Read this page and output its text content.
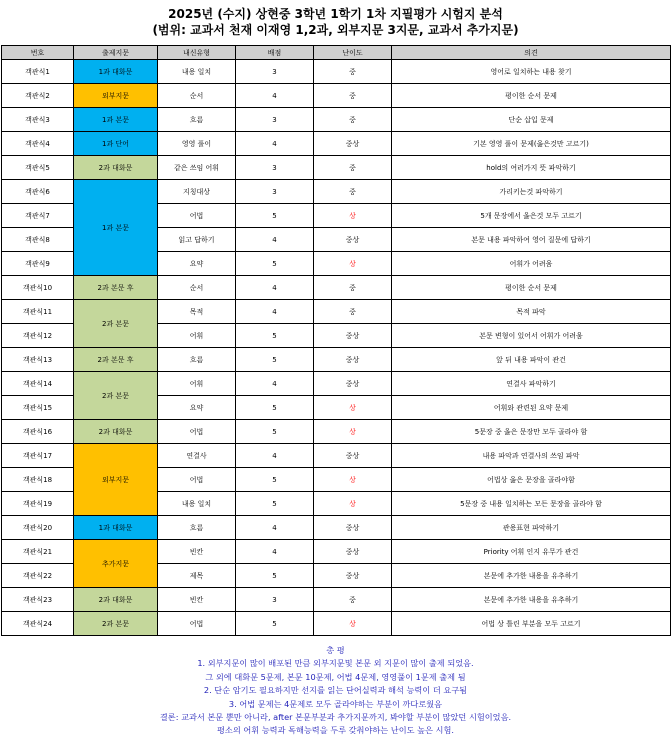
2025년 (수지) 상현중 3학년 1학기 1차 지필평가 시험지 분석
(범위: 교과서 천재 이재영 1,2과, 외부지문 3지문, 교과서 추가지문)
번호	출제지문	내신유형	배점	난이도	의견
객관식1	1과 대화문	내용 일치	3	중	영어로 일치하는 내용 찾기
객관식2	외부지문	순서	4	중	평이한 순서 문제
객관식3	1과 본문	흐름	3	중	단순 삽입 문제
객관식4	1과 단어	영영 풀이	4	중상	기본 영영 풀이 문제(옳은것만 고르기)
객관식5	2과 대화문	같은 쓰임 어휘	3	중	hold의 여러가지 뜻 파악하기
객관식6	1과 본문	지칭대상	3	중	가리키는것 파악하기
객관식7		어법	5	상	5개 문장에서 옳은것 모두 고르기
객관식8		읽고 답하기	4	중상	본문 내용 파악하여 영어 질문에 답하기
객관식9		요약	5	상	어휘가 어려움
객관식10	2과 본문 후	순서	4	중	평이한 순서 문제
객관식11	2과 본문	목적	4	중	목적 파악
객관식12		어휘	5	중상	본문 변형이 있어서 어휘가 어려움
객관식13	2과 본문 후	흐름	5	중상	앞 뒤 내용 파악이 관건
객관식14	2과 본문	어휘	4	중상	연결사 파악하기
객관식15		요약	5	상	어휘와 관련된 요약 문제
객관식16	2과 대화문	어법	5	상	5문장 중 옳은 문장만 모두 골라야 함
객관식17	외부지문	연결사	4	중상	내용 파악과 연결사의 쓰임 파악
객관식18		어법	5	상	어법상 옳은 문장을 골라야함
객관식19		내용 일치	5	상	5문장 중 내용 일치하는 모든 문장을 골라야 함
객관식20	1과 대화문	흐름	4	중상	관용표현 파악하기
객관식21	추가지문	빈칸	4	중상	Priority 어휘 인지 유무가 관건
객관식22		제목	5	중상	본문에 추가한 내용을 유추하기
객관식23	2과 대화문	빈칸	3	중	본문에 추가한 내용을 유추하기
객관식24	2과 본문	어법	5	상	어법 상 틀린 부분을 모두 고르기
총 평
1. 외부지문이 많이 배포된 만큼 외부지문및 본문 외 지문이 많이 출제 되었음.
그 외에 대화문 5문제, 본문 10문제, 어법 4문제, 영영풀이 1문제 출제 됨
2. 단순 암기도 필요하지만 선지를 읽는 단어실력과 해석 능력이 더 요구됨
3. 어법 문제는 4문제로 모두 골라야하는 부분이 까다로웠음
결론: 교과서 본문 뿐만 아니라, after 본문부분과 추가지문까지, 봐야할 부분이 많았던 시험이었음.
평소의 어휘 능력과 독해능력을 두루 갖춰야하는 난이도 높은 시험.
